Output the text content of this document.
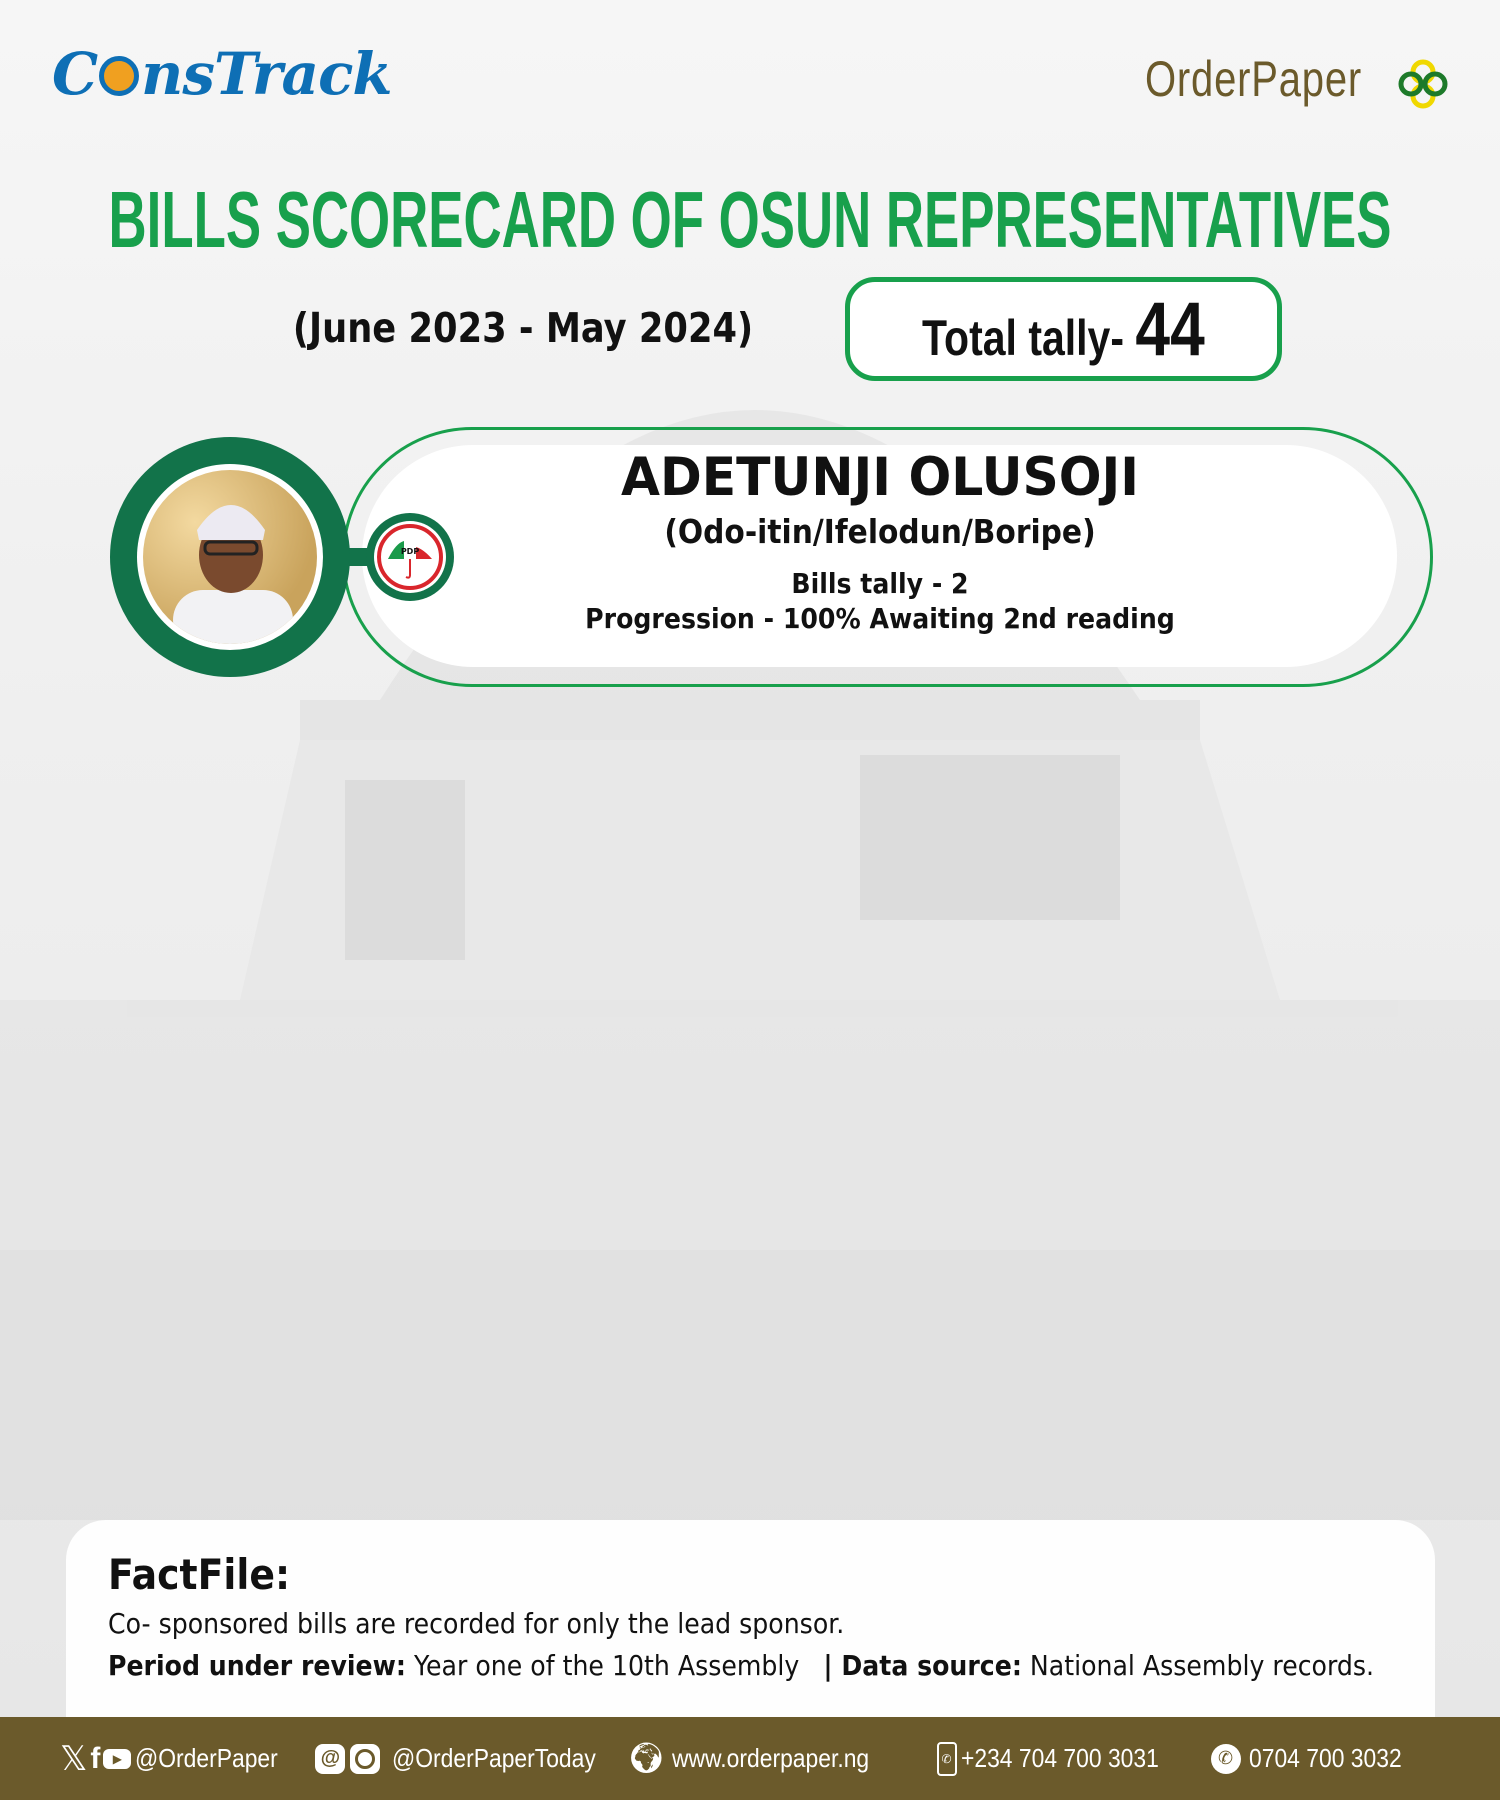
C nsTrack	OrderPaper
BILLS SCORECARD OF OSUN REPRESENTATIVES
(June 2023 - May 2024)	Total tally- 44
PDP
ADETUNJI OLUSOJI
(Odo-itin/Ifelodun/Boripe)
Bills tally - 2
Progression - 100% Awaiting 2nd reading
FactFile:
Co- sponsored bills are recorded for only the lead sponsor.
Period under review: Year one of the 10th Assembly   | Data source: National Assembly records.
𝕏 f	▶ @OrderPaper	@ @OrderPaperToday 🌍︎ www.orderpaper.ng	✆ +234 704 700 3031	✆ 0704 700 3032
